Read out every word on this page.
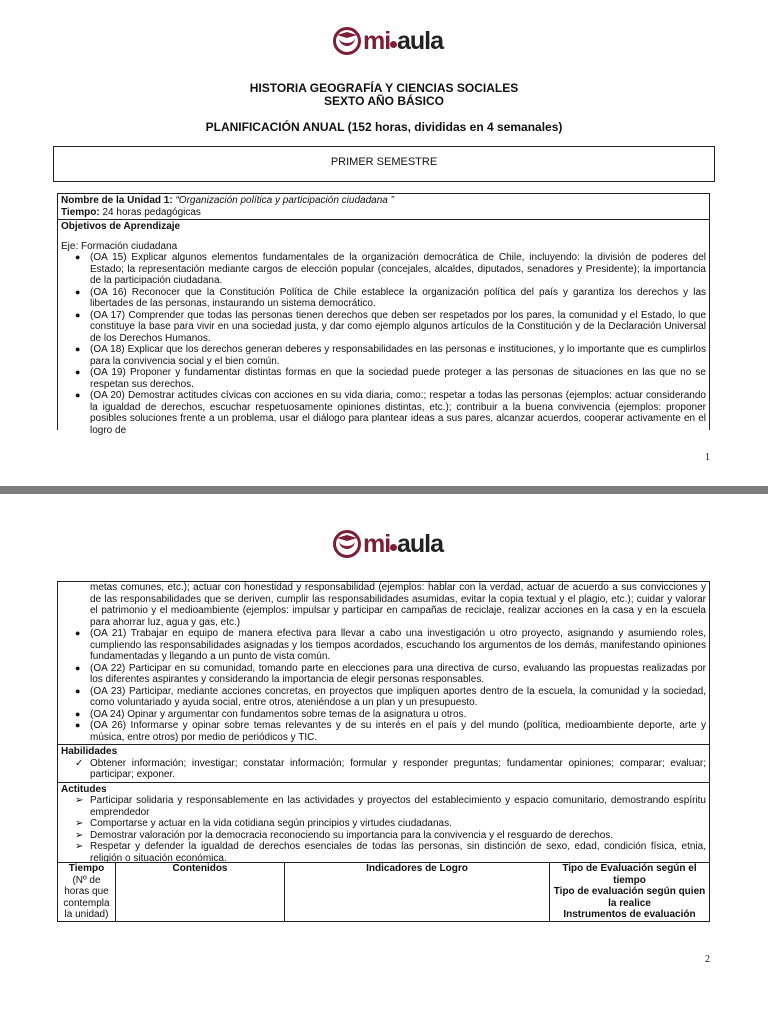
mi aula
HISTORIA GEOGRAFÍA Y CIENCIAS SOCIALES
SEXTO AÑO BÁSICO
PLANIFICACIÓN ANUAL (152 horas, divididas en 4 semanales)
PRIMER SEMESTRE
Nombre de la Unidad 1: “Organización política y participación ciudadana ”
Tiempo: 24 horas pedagógicas
Objetivos de Aprendizaje
Eje: Formación ciudadana
● (OA 15) Explicar algunos elementos fundamentales de la organización democrática de Chile, incluyendo: la división de poderes del Estado; la representación mediante cargos de elección popular (concejales, alcaldes, diputados, senadores y Presidente); la importancia de la participación ciudadana.
● (OA 16) Reconocer que la Constitución Política de Chile establece la organización política del país y garantiza los derechos y las libertades de las personas, instaurando un sistema democrático.
● (OA 17) Comprender que todas las personas tienen derechos que deben ser respetados por los pares, la comunidad y el Estado, lo que constituye la base para vivir en una sociedad justa, y dar como ejemplo algunos artículos de la Constitución y de la Declaración Universal de los Derechos Humanos.
● (OA 18) Explicar que los derechos generan deberes y responsabilidades en las personas e instituciones, y lo importante que es cumplirlos para la convivencia social y el bien común.
● (OA 19) Proponer y fundamentar distintas formas en que la sociedad puede proteger a las personas de situaciones en las que no se respetan sus derechos.
● (OA 20) Demostrar actitudes cívicas con acciones en su vida diaria, como:; respetar a todas las personas (ejemplos: actuar considerando la igualdad de derechos, escuchar respetuosamente opiniones distintas, etc.); contribuir a la buena convivencia (ejemplos: proponer posibles soluciones frente a un problema, usar el diálogo para plantear ideas a sus pares, alcanzar acuerdos, cooperar activamente en el logro de
1
mi aula
2
metas comunes, etc.); actuar con honestidad y responsabilidad (ejemplos: hablar con la verdad, actuar de acuerdo a sus convicciones y de las responsabilidades que se deriven, cumplir las responsabilidades asumidas, evitar la copia textual y el plagio, etc.); cuidar y valorar el patrimonio y el medioambiente (ejemplos: impulsar y participar en campañas de reciclaje, realizar acciones en la casa y en la escuela para ahorrar luz, agua y gas, etc.)
● (OA 21) Trabajar en equipo de manera efectiva para llevar a cabo una investigación u otro proyecto, asignando y asumiendo roles, cumpliendo las responsabilidades asignadas y los tiempos acordados, escuchando los argumentos de los demás, manifestando opiniones fundamentadas y llegando a un punto de vista común.
● (OA 22) Participar en su comunidad, tomando parte en elecciones para una directiva de curso, evaluando las propuestas realizadas por los diferentes aspirantes y considerando la importancia de elegir personas responsables.
● (OA 23) Participar, mediante acciones concretas, en proyectos que impliquen aportes dentro de la escuela, la comunidad y la sociedad, como voluntariado y ayuda social, entre otros, ateniéndose a un plan y un presupuesto.
● (OA 24) Opinar y argumentar con fundamentos sobre temas de la asignatura u otros.
● (OA 26) Informarse y opinar sobre temas relevantes y de su interés en el país y del mundo (política, medioambiente deporte, arte y música, entre otros) por medio de periódicos y TIC.
Habilidades
✓ Obtener información; investigar; constatar información; formular y responder preguntas; fundamentar opiniones; comparar; evaluar; participar; exponer.
Actitudes
➢ Participar solidaria y responsablemente en las actividades y proyectos del establecimiento y espacio comunitario, demostrando espíritu emprendedor
➢ Comportarse y actuar en la vida cotidiana según principios y virtudes ciudadanas.
➢ Demostrar valoración por la democracia reconociendo su importancia para la convivencia y el resguardo de derechos.
➢ Respetar y defender la igualdad de derechos esenciales de todas las personas, sin distinción de sexo, edad, condición física, etnia, religión o situación económica.
Tiempo
(Nº de horas que contempla la unidad)	Contenidos	Indicadores de Logro	Tipo de Evaluación según el tiempo
Tipo de evaluación según quien la realice
Instrumentos de evaluación
